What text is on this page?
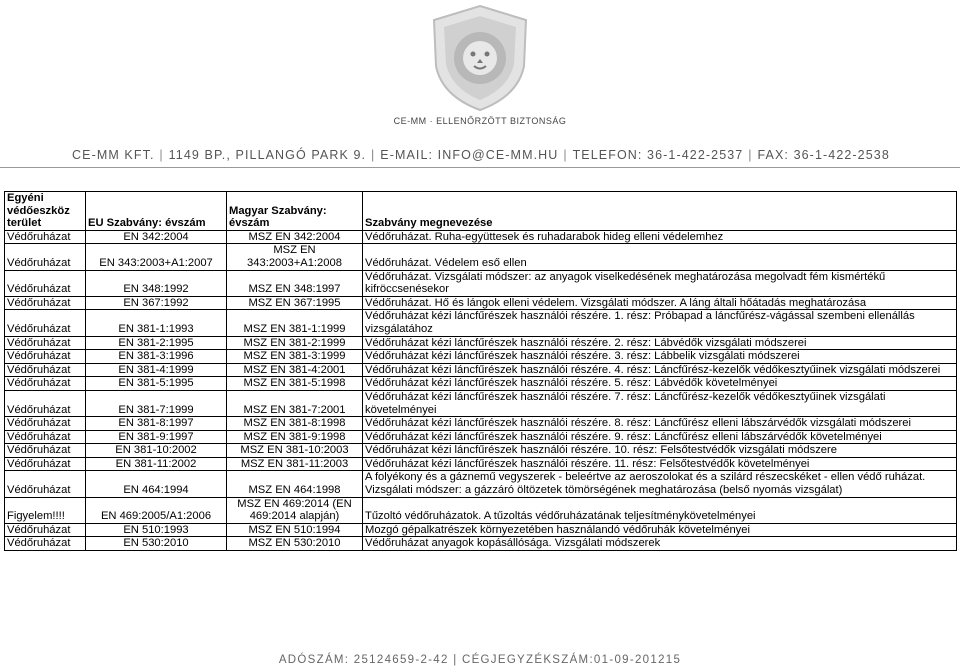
CE-MM · ELLENŐRZÖTT BIZTONSÁG
CE-MM KFT. | 1149 BP., PILLANGÓ PARK 9. | E-MAIL: INFO@CE-MM.HU | TELEFON: 36-1-422-2537 | FAX: 36-1-422-2538
Egyéni védőeszköz terület	EU Szabvány: évszám	Magyar Szabvány: évszám	Szabvány megnevezése
Védőruházat	EN 342:2004	MSZ EN 342:2004	Védőruházat. Ruha-együttesek és ruhadarabok hideg elleni védelemhez
Védőruházat	EN 343:2003+A1:2007	MSZ EN 343:2003+A1:2008	Védőruházat. Védelem eső ellen
Védőruházat	EN 348:1992	MSZ EN 348:1997	Védőruházat. Vizsgálati módszer: az anyagok viselkedésének meghatározása megolvadt fém kismértékű kifröccsenésekor
Védőruházat	EN 367:1992	MSZ EN 367:1995	Védőruházat. Hő és lángok elleni védelem. Vizsgálati módszer. A láng általi hőátadás meghatározása
Védőruházat	EN 381-1:1993	MSZ EN 381-1:1999	Védőruházat kézi láncfűrészek használói részére. 1. rész: Próbapad a láncfűrész-vágással szembeni ellenállás vizsgálatához
Védőruházat	EN 381-2:1995	MSZ EN 381-2:1999	Védőruházat kézi láncfűrészek használói részére. 2. rész: Lábvédők vizsgálati módszerei
Védőruházat	EN 381-3:1996	MSZ EN 381-3:1999	Védőruházat kézi láncfűrészek használói részére. 3. rész: Lábbelik vizsgálati módszerei
Védőruházat	EN 381-4:1999	MSZ EN 381-4:2001	Védőruházat kézi láncfűrészek használói részére. 4. rész: Láncfűrész-kezelők védőkesztyűinek vizsgálati módszerei
Védőruházat	EN 381-5:1995	MSZ EN 381-5:1998	Védőruházat kézi láncfűrészek használói részére. 5. rész: Lábvédők követelményei
Védőruházat	EN 381-7:1999	MSZ EN 381-7:2001	Védőruházat kézi láncfűrészek használói részére. 7. rész: Láncfűrész-kezelők védőkesztyűinek vizsgálati követelményei
Védőruházat	EN 381-8:1997	MSZ EN 381-8:1998	Védőruházat kézi láncfűrészek használói részére. 8. rész: Láncfűrész elleni lábszárvédők vizsgálati módszerei
Védőruházat	EN 381-9:1997	MSZ EN 381-9:1998	Védőruházat kézi láncfűrészek használói részére. 9. rész: Láncfűrész elleni lábszárvédők követelményei
Védőruházat	EN 381-10:2002	MSZ EN 381-10:2003	Védőruházat kézi láncfűrészek használói részére. 10. rész: Felsőtestvédők vizsgálati módszere
Védőruházat	EN 381-11:2002	MSZ EN 381-11:2003	Védőruházat kézi láncfűrészek használói részére. 11. rész: Felsőtestvédők követelményei
Védőruházat	EN 464:1994	MSZ EN 464:1998	A folyékony és a gáznemű vegyszerek - beleértve az aeroszolokat és a szilárd részecskéket - ellen védő ruházat. Vizsgálati módszer: a gázzáró öltözetek tömörségének meghatározása (belső nyomás vizsgálat)
Figyelem!!!!	EN 469:2005/A1:2006	MSZ EN 469:2014 (EN 469:2014 alapján)	Tűzoltó védőruházatok. A tűzoltás védőruházatának teljesítménykövetelményei
Védőruházat	EN 510:1993	MSZ EN 510:1994	Mozgó gépalkatrészek környezetében használandó védőruhák követelményei
Védőruházat	EN 530:2010	MSZ EN 530:2010	Védőruházat anyagok kopásállósága. Vizsgálati módszerek
ADÓSZÁM: 25124659-2-42 | CÉGJEGYZÉKSZÁM:01-09-201215
